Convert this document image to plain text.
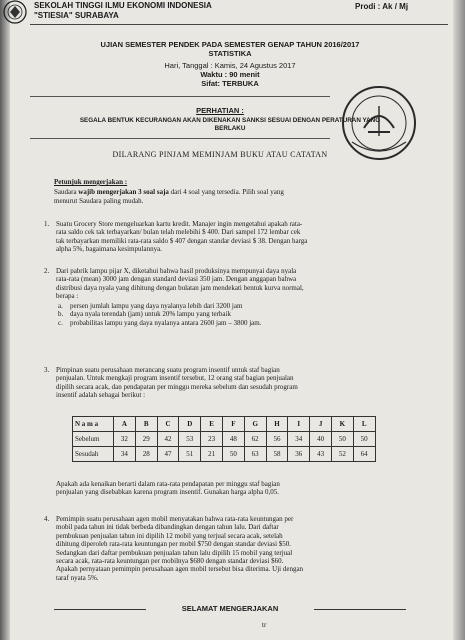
SEKOLAH TINGGI ILMU EKONOMI INDONESIA
"STIESIA" SURABAYA
Prodi : Ak / Mj
UJIAN SEMESTER PENDEK PADA SEMESTER GENAP TAHUN 2016/2017
STATISTIKA
Hari, Tanggal : Kamis, 24 Agustus 2017
Waktu : 90 menit
Sifat: TERBUKA
PERHATIAN :
SEGALA BENTUK KECURANGAN AKAN DIKENAKAN SANKSI SESUAI DENGAN PERATURAN YANG
BERLAKU
DILARANG PINJAM MEMINJAM BUKU ATAU CATATAN
Petunjuk mengerjakan :
Saudara wajib mengerjakan 3 soal saja dari 4 soal yang tersedia. Pilih soal yang
menurut Saudara paling mudah.
1. Suatu Grocery Store mengeluarkan kartu kredit. Manajer ingin mengetahui apakah rata-
rata saldo cek tak terbayarkan/ bulan telah melebihi $ 400. Dari sampel 172 lembar cek
tak terbayarkan memiliki rata-rata saldo $ 407 dengan standar deviasi $ 38. Dengan harga
alpha 5%, bagaimana kesimpulannya.
2. Dari pabrik lampu pijar X, diketahui bahwa hasil produksinya mempunyai daya nyala
rata-rata (mean) 3000 jam dengan standard deviasi 350 jam. Dengan anggapan bahwa
distribusi daya nyala yang dihitung dengan bulatan jam mendekati bentuk kurva normal,
berapa :
a. persen jumlah lampu yang daya nyalanya lebih dari 3200 jam
b. daya nyala terendah (jam) untuk 20% lampu yang terbaik
c. probabilitas lampu yang daya nyalanya antara 2600 jam – 3800 jam.
3. Pimpinan suatu perusahaan merancang suatu program insentif untuk staf bagian
penjualan. Untuk mengkaji program insentif tersebut, 12 orang staf bagian penjualan
dipilih secara acak, dan pendapatan per minggu mereka sebelum dan sesudah program
insentif adalah sebagai berikut :
N a m a	A	B	C	D	E	F	G	H	I	J	K	L
Sebelum	32	29	42	53	23	48	62	56	34	40	50	50
Sesudah	34	28	47	51	21	50	63	58	36	43	52	64
Apakah ada kenaikan berarti dalam rata-rata pendapatan per minggu staf bagian
penjualan yang disebabkan karena program insentif. Gunakan harga alpha 0,05.
4. Pemimpin suatu perusahaan agen mobil menyatakan bahwa rata-rata keuntungan per
mobil pada tahun ini tidak berbeda dibandingkan dengan tahun lalu. Dari daftar
pembukuan penjualan tahun ini dipilih 12 mobil yang terjual secara acak, setelah
dihitung diperoleh rata-rata keuntungan per mobil $750 dengan standar deviasi $50.
Sedangkan dari daftar pembukuan penjualan tahun lalu dipilih 15 mobil yang terjual
secara acak, rata-rata keuntungan per mobilnya $680 dengan standar deviasi $60.
Apakah pernyataan pemimpin perusahaan agen mobil tersebut bisa diterima. Uji dengan
taraf nyata 5%.
SELAMAT MENGERJAKAN
tr
